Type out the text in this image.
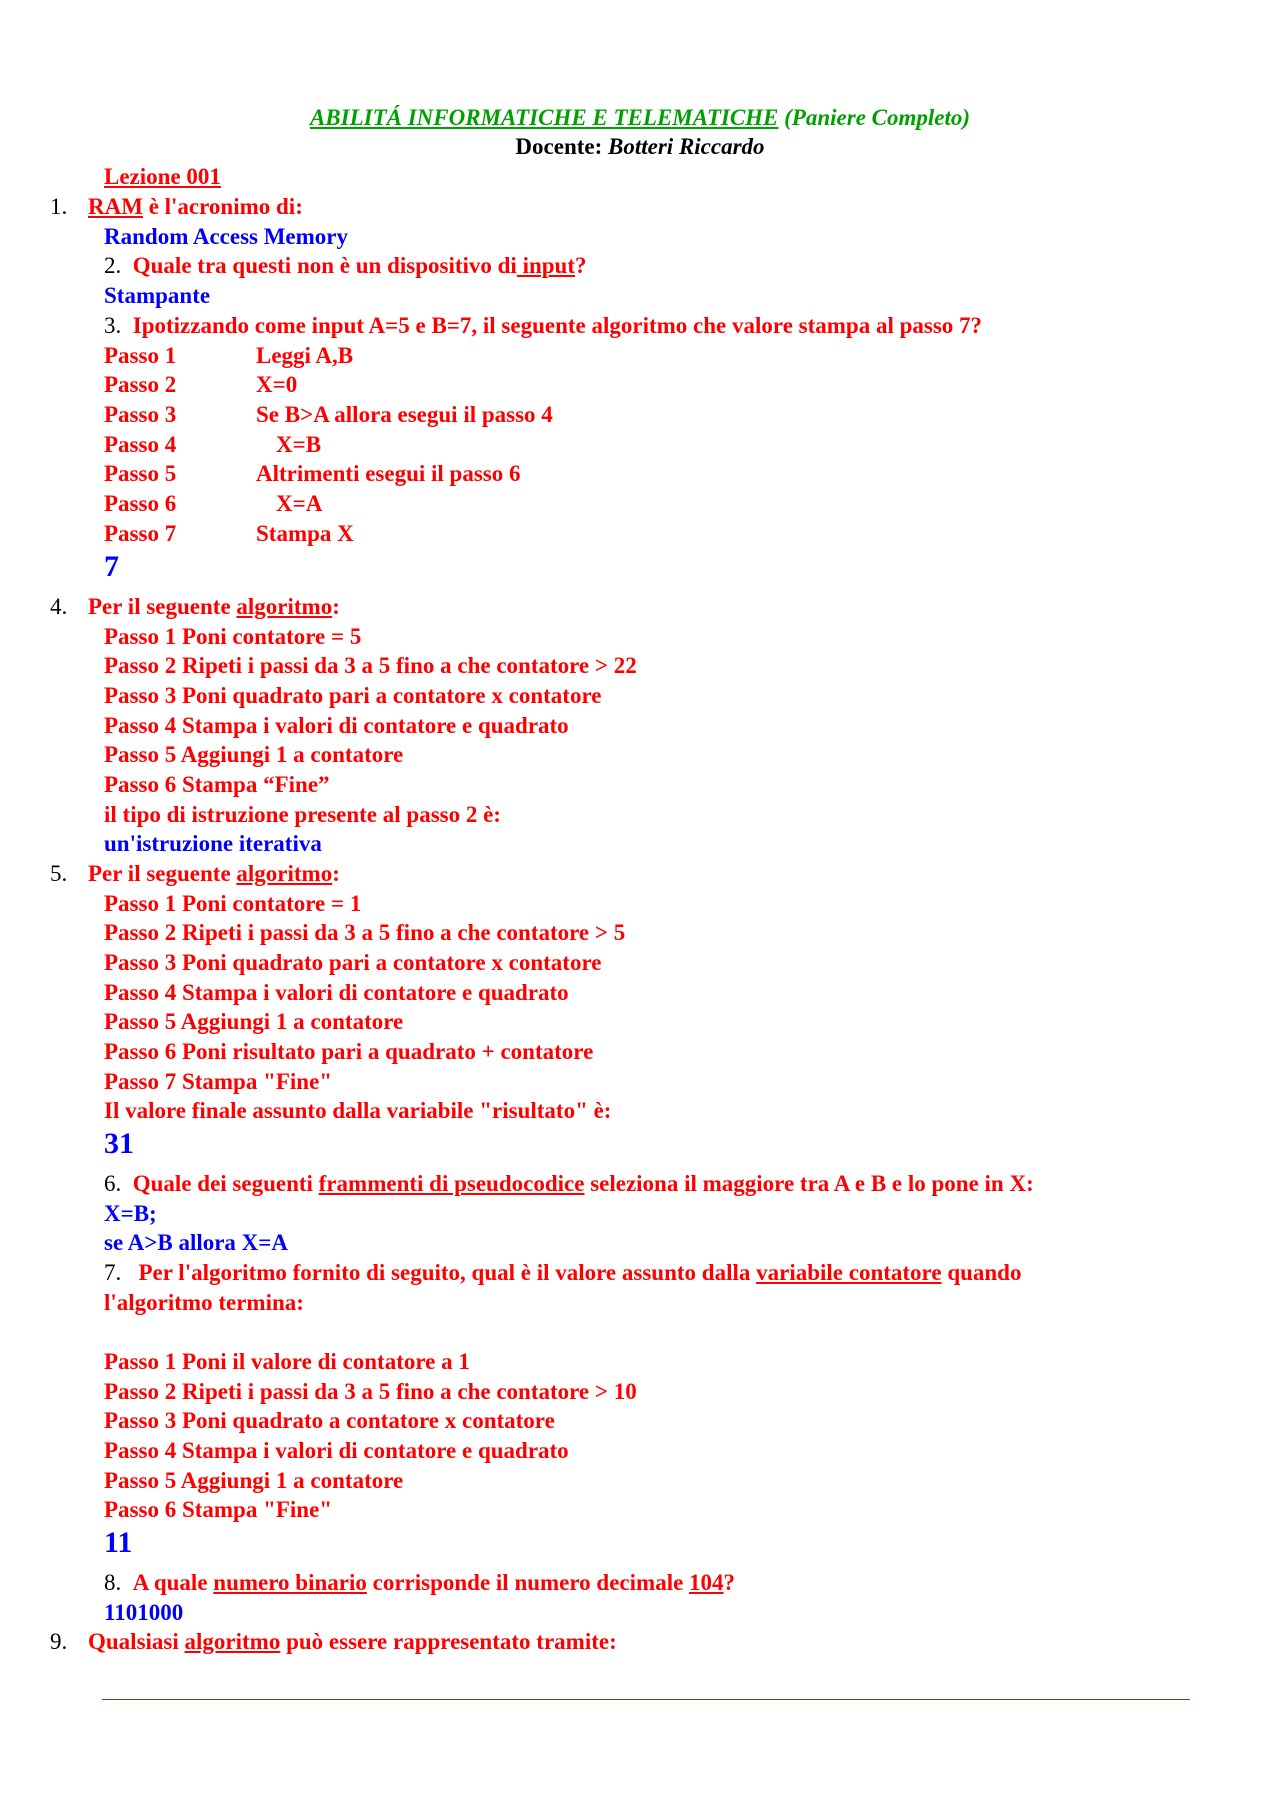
ABILITÁ INFORMATICHE E TELEMATICHE (Paniere Completo)
Docente: Botteri Riccardo
Lezione 001
1. RAM è l'acronimo di:
Random Access Memory
2. Quale tra questi non è un dispositivo di input?
Stampante
3. Ipotizzando come input A=5 e B=7, il seguente algoritmo che valore stampa al passo 7?
Passo 1	Leggi A,B
Passo 2	X=0
Passo 3	Se B>A allora esegui il passo 4
Passo 4	X=B
Passo 5	Altrimenti esegui il passo 6
Passo 6	X=A
Passo 7	Stampa X
7
4. Per il seguente algoritmo:
Passo 1 Poni contatore = 5
Passo 2 Ripeti i passi da 3 a 5 fino a che contatore > 22
Passo 3 Poni quadrato pari a contatore x contatore
Passo 4 Stampa i valori di contatore e quadrato
Passo 5 Aggiungi 1 a contatore
Passo 6 Stampa “Fine”
il tipo di istruzione presente al passo 2 è:
un'istruzione iterativa
5. Per il seguente algoritmo:
Passo 1 Poni contatore = 1
Passo 2 Ripeti i passi da 3 a 5 fino a che contatore > 5
Passo 3 Poni quadrato pari a contatore x contatore
Passo 4 Stampa i valori di contatore e quadrato
Passo 5 Aggiungi 1 a contatore
Passo 6 Poni risultato pari a quadrato + contatore
Passo 7 Stampa "Fine"
Il valore finale assunto dalla variabile "risultato" è:
31
6. Quale dei seguenti frammenti di pseudocodice seleziona il maggiore tra A e B e lo pone in X:
X=B;
se A>B allora X=A
7. Per l'algoritmo fornito di seguito, qual è il valore assunto dalla variabile contatore quando
l'algoritmo termina:
Passo 1 Poni il valore di contatore a 1
Passo 2 Ripeti i passi da 3 a 5 fino a che contatore > 10
Passo 3 Poni quadrato a contatore x contatore
Passo 4 Stampa i valori di contatore e quadrato
Passo 5 Aggiungi 1 a contatore
Passo 6 Stampa "Fine"
11
8. A quale numero binario corrisponde il numero decimale 104?
1101000
9. Qualsiasi algoritmo può essere rappresentato tramite:
